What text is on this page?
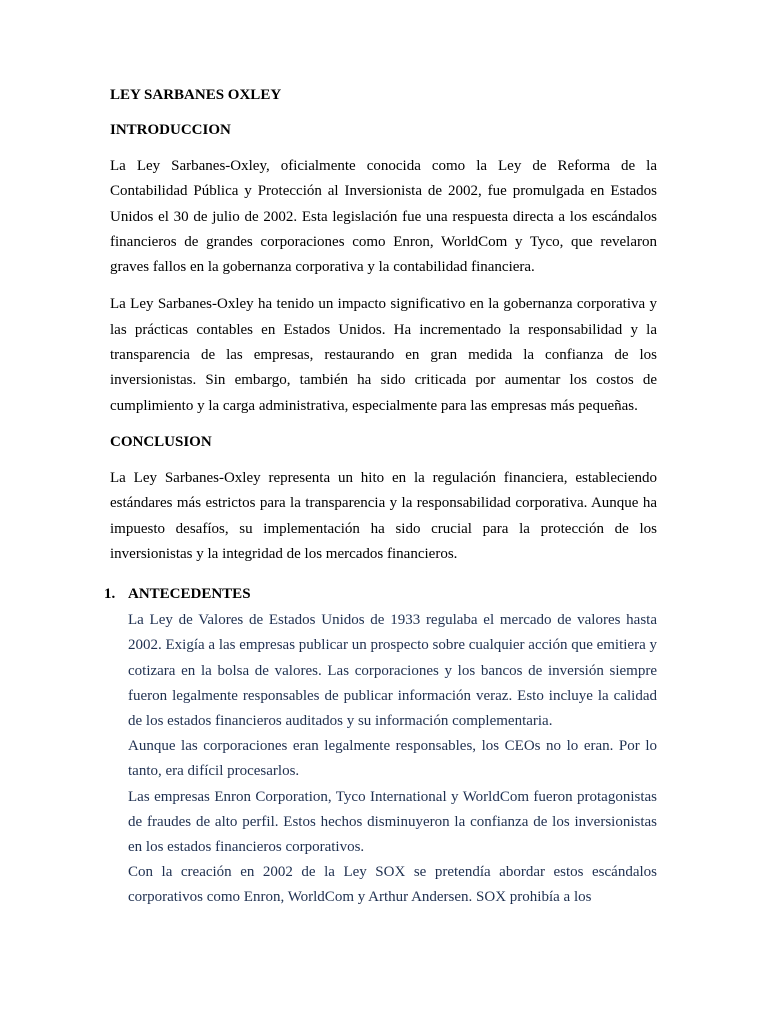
LEY SARBANES OXLEY

INTRODUCCION

La Ley Sarbanes-Oxley, oficialmente conocida como la Ley de Reforma de la Contabilidad Pública y Protección al Inversionista de 2002, fue promulgada en Estados Unidos el 30 de julio de 2002. Esta legislación fue una respuesta directa a los escándalos financieros de grandes corporaciones como Enron, WorldCom y Tyco, que revelaron graves fallos en la gobernanza corporativa y la contabilidad financiera.

La Ley Sarbanes-Oxley ha tenido un impacto significativo en la gobernanza corporativa y las prácticas contables en Estados Unidos. Ha incrementado la responsabilidad y la transparencia de las empresas, restaurando en gran medida la confianza de los inversionistas. Sin embargo, también ha sido criticada por aumentar los costos de cumplimiento y la carga administrativa, especialmente para las empresas más pequeñas.

CONCLUSION

La Ley Sarbanes-Oxley representa un hito en la regulación financiera, estableciendo estándares más estrictos para la transparencia y la responsabilidad corporativa. Aunque ha impuesto desafíos, su implementación ha sido crucial para la protección de los inversionistas y la integridad de los mercados financieros.

1. ANTECEDENTES

La Ley de Valores de Estados Unidos de 1933 regulaba el mercado de valores hasta 2002. Exigía a las empresas publicar un prospecto sobre cualquier acción que emitiera y cotizara en la bolsa de valores. Las corporaciones y los bancos de inversión siempre fueron legalmente responsables de publicar información veraz. Esto incluye la calidad de los estados financieros auditados y su información complementaria.

Aunque las corporaciones eran legalmente responsables, los CEOs no lo eran. Por lo tanto, era difícil procesarlos.

Las empresas Enron Corporation, Tyco International y WorldCom fueron protagonistas de fraudes de alto perfil. Estos hechos disminuyeron la confianza de los inversionistas en los estados financieros corporativos.

Con la creación en 2002 de la Ley SOX se pretendía abordar estos escándalos corporativos como Enron, WorldCom y Arthur Andersen. SOX prohibía a los
